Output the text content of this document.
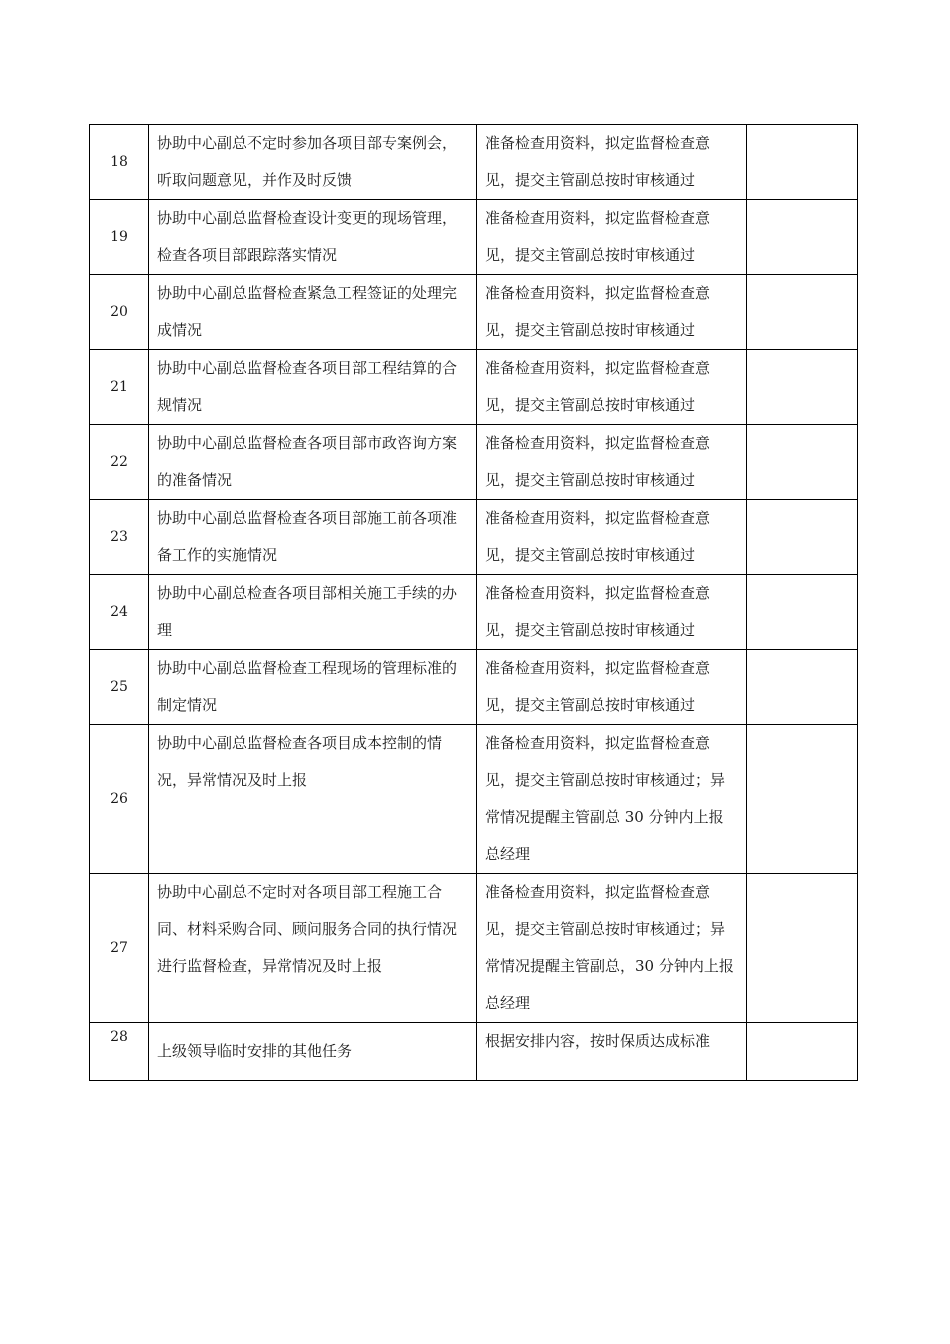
18	协助中心副总不定时参加各项目部专案例会，听取问题意见，并作及时反馈	准备检查用资料，拟定监督检查意见，提交主管副总按时审核通过	
19	协助中心副总监督检查设计变更的现场管理，检查各项目部跟踪落实情况	准备检查用资料，拟定监督检查意见，提交主管副总按时审核通过	
20	协助中心副总监督检查紧急工程签证的处理完成情况	准备检查用资料，拟定监督检查意见，提交主管副总按时审核通过	
21	协助中心副总监督检查各项目部工程结算的合规情况	准备检查用资料，拟定监督检查意见，提交主管副总按时审核通过	
22	协助中心副总监督检查各项目部市政咨询方案的准备情况	准备检查用资料，拟定监督检查意见，提交主管副总按时审核通过	
23	协助中心副总监督检查各项目部施工前各项准备工作的实施情况	准备检查用资料，拟定监督检查意见，提交主管副总按时审核通过	
24	协助中心副总检查各项目部相关施工手续的办理	准备检查用资料，拟定监督检查意见，提交主管副总按时审核通过	
25	协助中心副总监督检查工程现场的管理标准的制定情况	准备检查用资料，拟定监督检查意见，提交主管副总按时审核通过	
26	协助中心副总监督检查各项目成本控制的情况，异常情况及时上报	准备检查用资料，拟定监督检查意见，提交主管副总按时审核通过；异常情况提醒主管副总 30 分钟内上报总经理	
27	协助中心副总不定时对各项目部工程施工合同、材料采购合同、顾问服务合同的执行情况进行监督检查，异常情况及时上报	准备检查用资料，拟定监督检查意见，提交主管副总按时审核通过；异常情况提醒主管副总，30 分钟内上报总经理	
28	上级领导临时安排的其他任务	根据安排内容，按时保质达成标准	
